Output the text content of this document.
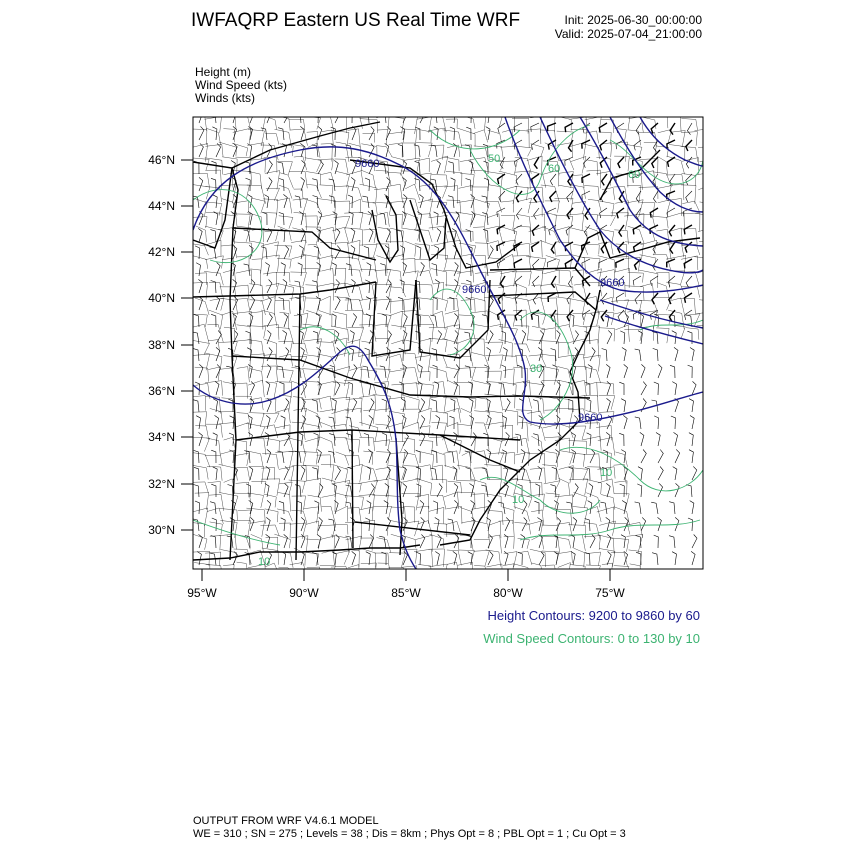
IWFAQRP Eastern US Real Time WRF	Init: 2025-06-30_00:00:00
Valid: 2025-07-04_21:00:00
Height (m)
Wind Speed (kts)
Winds (kts)
46°N
44°N
42°N
40°N
38°N
36°N
34°N
32°N
30°N
95°W	90°W	85°W	80°W	75°W
9660
9660
9660
9660
60	60
50
30
10
10
10
Height Contours: 9200 to 9860 by 60
Wind Speed Contours: 0 to 130 by 10
OUTPUT FROM WRF V4.6.1 MODEL
WE = 310 ; SN = 275 ; Levels = 38 ; Dis = 8km ; Phys Opt = 8 ; PBL Opt = 1 ; Cu Opt = 3
